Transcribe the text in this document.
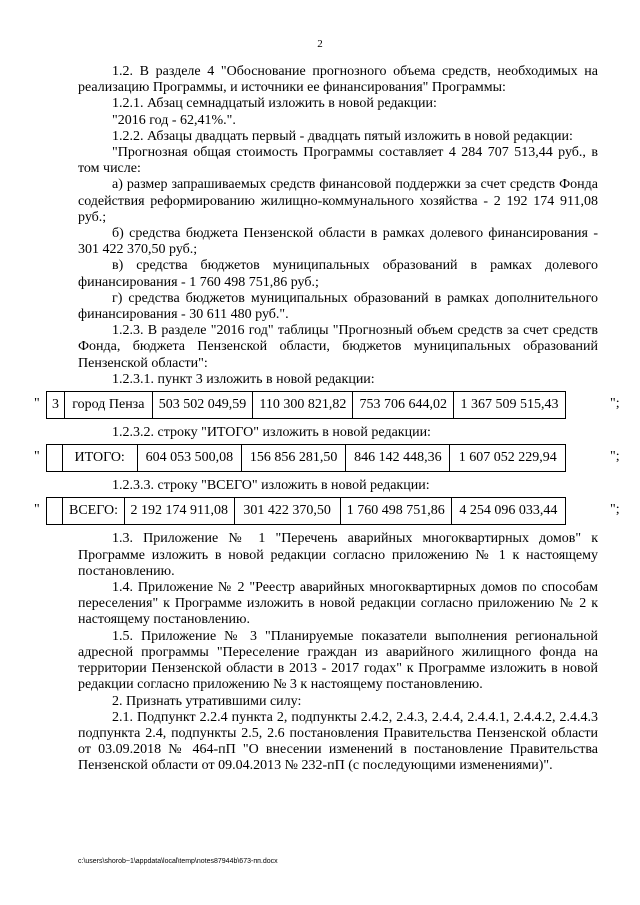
2

1.2. В разделе 4 "Обоснование прогнозного объема средств, необходимых на реализацию Программы, и источники ее финансирования" Программы:

1.2.1. Абзац семнадцатый изложить в новой редакции:

"2016 год - 62,41%.".

1.2.2. Абзацы двадцать первый - двадцать пятый изложить в новой редакции:

"Прогнозная общая стоимость Программы составляет 4 284 707 513,44 руб., в том числе:

а) размер запрашиваемых средств финансовой поддержки за счет средств Фонда содействия реформированию жилищно-коммунального хозяйства - 2 192 174 911,08 руб.;

б) средства бюджета Пензенской области в рамках долевого финансирования - 301 422 370,50 руб.;

в) средства бюджетов муниципальных образований в рамках долевого финансирования - 1 760 498 751,86 руб.;

г) средства бюджетов муниципальных образований в рамках дополнительного финансирования - 30 611 480 руб.".

1.2.3. В разделе "2016 год" таблицы "Прогнозный объем средств за счет средств Фонда, бюджета Пензенской области, бюджетов муниципальных образований Пензенской области":

1.2.3.1. пункт 3 изложить в новой редакции:

" 3	город Пенза	503 502 049,59	110 300 821,82	753 706 644,02	1 367 509 515,43	";

1.2.3.2. строку "ИТОГО" изложить в новой редакции:

"
	ИТОГО:	604 053 500,08	156 856 281,50	846 142 448,36	1 607 052 229,94	";

1.2.3.3. строку "ВСЕГО" изложить в новой редакции:

"
	ВСЕГО:	2 192 174 911,08	301 422 370,50	1 760 498 751,86	4 254 096 033,44	";

1.3. Приложение № 1 "Перечень аварийных многоквартирных домов" к Программе изложить в новой редакции согласно приложению № 1 к настоящему постановлению.

1.4. Приложение № 2 "Реестр аварийных многоквартирных домов по способам переселения" к Программе изложить в новой редакции согласно приложению № 2 к настоящему постановлению.

1.5. Приложение № 3 "Планируемые показатели выполнения региональной адресной программы "Переселение граждан из аварийного жилищного фонда на территории Пензенской области в 2013 - 2017 годах" к Программе изложить в новой редакции согласно приложению № 3 к настоящему постановлению.

2. Признать утратившими силу:

2.1. Подпункт 2.2.4 пункта 2, подпункты 2.4.2, 2.4.3, 2.4.4, 2.4.4.1, 2.4.4.2, 2.4.4.3 подпункта 2.4, подпункты 2.5, 2.6 постановления Правительства Пензенской области от 03.09.2018 № 464-пП "О внесении изменений в постановление Правительства Пензенской области от 09.04.2013 № 232-пП (с последующими изменениями)".

c:\users\shorob~1\appdata\local\temp\notes87944b\673-пп.docx
